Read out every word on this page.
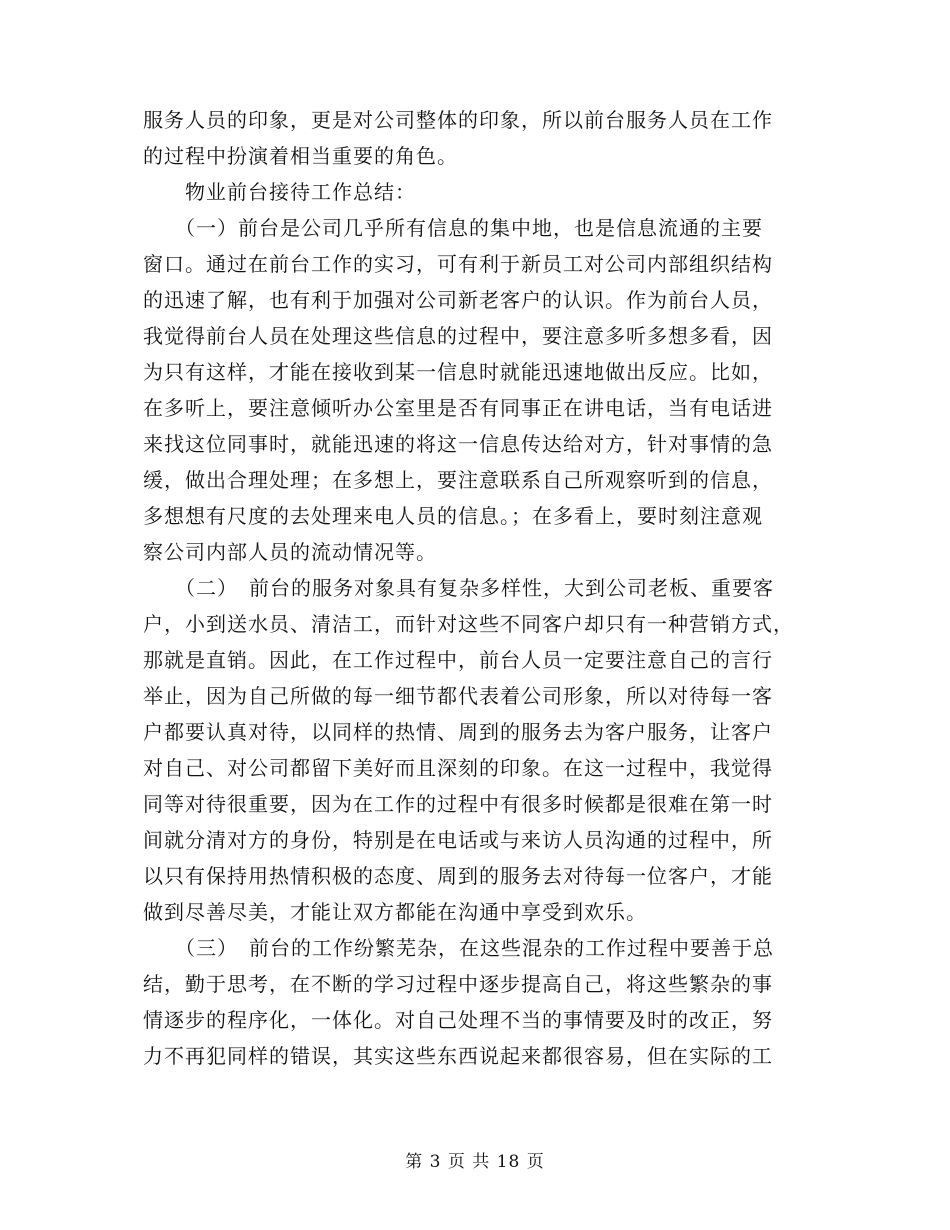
服务人员的印象，更是对公司整体的印象，所以前台服务人员在工作
的过程中扮演着相当重要的角色。
　　物业前台接待工作总结：
　　（一）前台是公司几乎所有信息的集中地，也是信息流通的主要
窗口。通过在前台工作的实习，可有利于新员工对公司内部组织结构
的迅速了解，也有利于加强对公司新老客户的认识。作为前台人员，
我觉得前台人员在处理这些信息的过程中，要注意多听多想多看，因
为只有这样，才能在接收到某一信息时就能迅速地做出反应。比如，
在多听上，要注意倾听办公室里是否有同事正在讲电话，当有电话进
来找这位同事时，就能迅速的将这一信息传达给对方，针对事情的急
缓，做出合理处理；在多想上，要注意联系自己所观察听到的信息，
多想想有尺度的去处理来电人员的信息。；在多看上，要时刻注意观
察公司内部人员的流动情况等。
　　（二）　前台的服务对象具有复杂多样性，大到公司老板、重要客
户，小到送水员、清洁工，而针对这些不同客户却只有一种营销方式，
那就是直销。因此，在工作过程中，前台人员一定要注意自己的言行
举止，因为自己所做的每一细节都代表着公司形象，所以对待每一客
户都要认真对待，以同样的热情、周到的服务去为客户服务，让客户
对自己、对公司都留下美好而且深刻的印象。在这一过程中，我觉得
同等对待很重要，因为在工作的过程中有很多时候都是很难在第一时
间就分清对方的身份，特别是在电话或与来访人员沟通的过程中，所
以只有保持用热情积极的态度、周到的服务去对待每一位客户，才能
做到尽善尽美，才能让双方都能在沟通中享受到欢乐。
　　（三）　前台的工作纷繁芜杂，在这些混杂的工作过程中要善于总
结，勤于思考，在不断的学习过程中逐步提高自己，将这些繁杂的事
情逐步的程序化，一体化。对自己处理不当的事情要及时的改正，努
力不再犯同样的错误，其实这些东西说起来都很容易，但在实际的工
第 3 页 共 18 页
